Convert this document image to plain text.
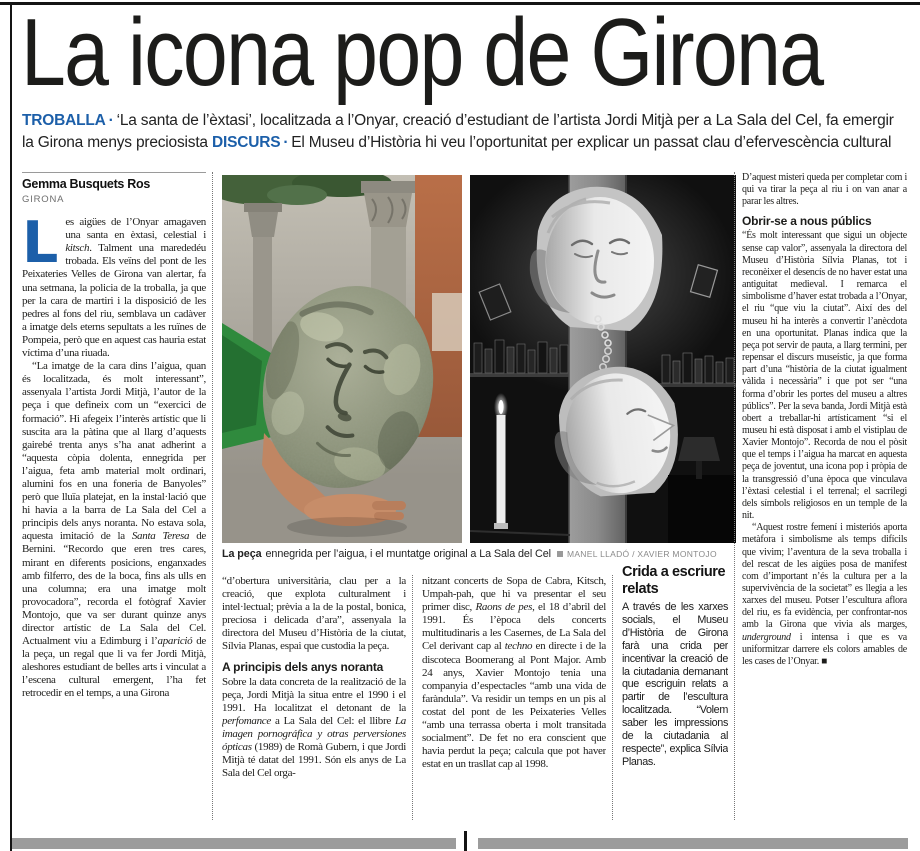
La icona pop de Girona

TROBALLA · ‘La santa de l’èxtasi’, localitzada a l’Onyar, creació d’estudiant de l’artista Jordi Mitjà per a La Sala del Cel, fa emergir la Girona menys preciosista DISCURS · El Museu d’Història hi veu l’oportunitat per explicar un passat clau d’efervescència cultural

Gemma Busquets Ros
GIRONA

Les aigües de l’Onyar amagaven una santa en èxtasi, celestial i kitsch. Talment una marededéu trobada. Els veïns del pont de les Peixateries Velles de Girona van alertar, fa una setmana, la policia de la troballa, ja que per la cara de martiri i la disposició de les pedres al fons del riu, semblava un cadàver a imatge dels eterns sepultats a les ruïnes de Pompeia, però que en aquest cas hauria estat víctima d’una riuada.

“La imatge de la cara dins l’aigua, quan és localitzada, és molt interessant”, assenyala l’artista Jordi Mitjà, l’autor de la peça i que defineix com un “exercici de formació”. Hi afegeix l’interès artístic que li suscita ara la pàtina que al llarg d’aquests gairebé trenta anys s’ha anat adherint a “aquesta còpia dolenta, ennegrida per l’aigua, feta amb material molt ordinari, alumini fos en una foneria de Banyoles” però que lluïa platejat, en la instal·lació que hi havia a la barra de La Sala del Cel a principis dels anys noranta. No estava sola, aquesta imitació de la Santa Teresa de Bernini. “Recordo que eren tres cares, mirant en diferents posicions, enganxades amb filferro, des de la boca, fins als ulls en una columna; era una imatge molt provocadora”, recorda el fotògraf Xavier Montojo, que va ser durant quinze anys director artístic de La Sala del Cel. Actualment viu a Edimburg i l’aparició de la peça, un regal que li va fer Jordi Mitjà, aleshores estudiant de belles arts i vinculat a l’escena cultural emergent, l’ha fet retrocedir en el temps, a una Girona

La peça ennegrida per l’aigua, i el muntatge original a La Sala del Cel MANEL LLADÓ / XAVIER MONTOJO

“d’obertura universitària, clau per a la creació, que explota culturalment i intel·lectual; prèvia a la de la postal, bonica, preciosa i delicada d’ara”, assenyala la directora del Museu d’Història de la ciutat, Sílvia Planas, espai que custodia la peça.

A principis dels anys noranta

Sobre la data concreta de la realització de la peça, Jordi Mitjà la situa entre el 1990 i el 1991. Ha localitzat el detonant de la perfomance a La Sala del Cel: el llibre La imagen pornográfica y otras perversiones ópticas (1989) de Romà Gubern, i que Jordi Mitjà té datat del 1991. Són els anys de La Sala del Cel orga-

nitzant concerts de Sopa de Cabra, Kitsch, Umpah-pah, que hi va presentar el seu primer disc, Raons de pes, el 18 d’abril del 1991. És l’època dels concerts multitudinaris a les Casernes, de La Sala del Cel derivant cap al techno en directe i de la discoteca Boomerang al Pont Major. Amb 24 anys, Xavier Montojo tenia una companyia d’espectacles “amb una vida de faràndula”. Va residir un temps en un pis al costat del pont de les Peixateries Velles “amb una terrassa oberta i molt transitada socialment”. De fet no era conscient que havia perdut la peça; calcula que pot haver estat en un trasllat cap al 1998.

Crida a escriure relats
A través de les xarxes socials, el Museu d’Història de Girona farà una crida per incentivar la creació de la ciutadania demanant que escriguin relats a partir de l’escultura localitzada. “Volem saber les impressions de la ciutadania al respecte”, explica Sílvia Planas.

D’aquest misteri queda per completar com i qui va tirar la peça al riu i on van anar a parar les altres.

Obrir-se a nous públics

“És molt interessant que sigui un objecte sense cap valor”, assenyala la directora del Museu d’Història Sílvia Planas, tot i reconèixer el desencís de no haver estat una antiguitat medieval. I remarca el simbolisme d’haver estat trobada a l’Onyar, el riu “que viu la ciutat”. Així des del museu hi ha interès a convertir l’anècdota en una oportunitat. Planas indica que la peça pot servir de pauta, a llarg termini, per repensar el discurs museístic, ja que forma part d’una “història de la ciutat igualment vàlida i necessària” i que pot ser “una forma d’obrir les portes del museu a altres públics”. Per la seva banda, Jordi Mitjà està obert a treballar-hi artísticament “si el museu hi està disposat i amb el vistiplau de Xavier Montojo”. Recorda de nou el pòsit que el temps i l’aigua ha marcat en aquesta peça de joventut, una icona pop i pròpia de la transgressió d’una època que vinculava l’èxtasi celestial i el terrenal; el sacrilegi dels símbols religiosos en un temple de la nit.

“Aquest rostre femení i misteriós aporta metàfora i simbolisme als temps difícils que vivim; l’aventura de la seva troballa i del rescat de les aigües posa de manifest com d’important n’és la cultura per a la supervivència de la societat” es llegia a les xarxes del museu. Potser l’escultura aflora del riu, es fa evidència, per confrontar-nos amb la Girona que vivia als marges, underground i intensa i que es va uniformitzar darrere els colors amables de les cases de l’Onyar. ■
